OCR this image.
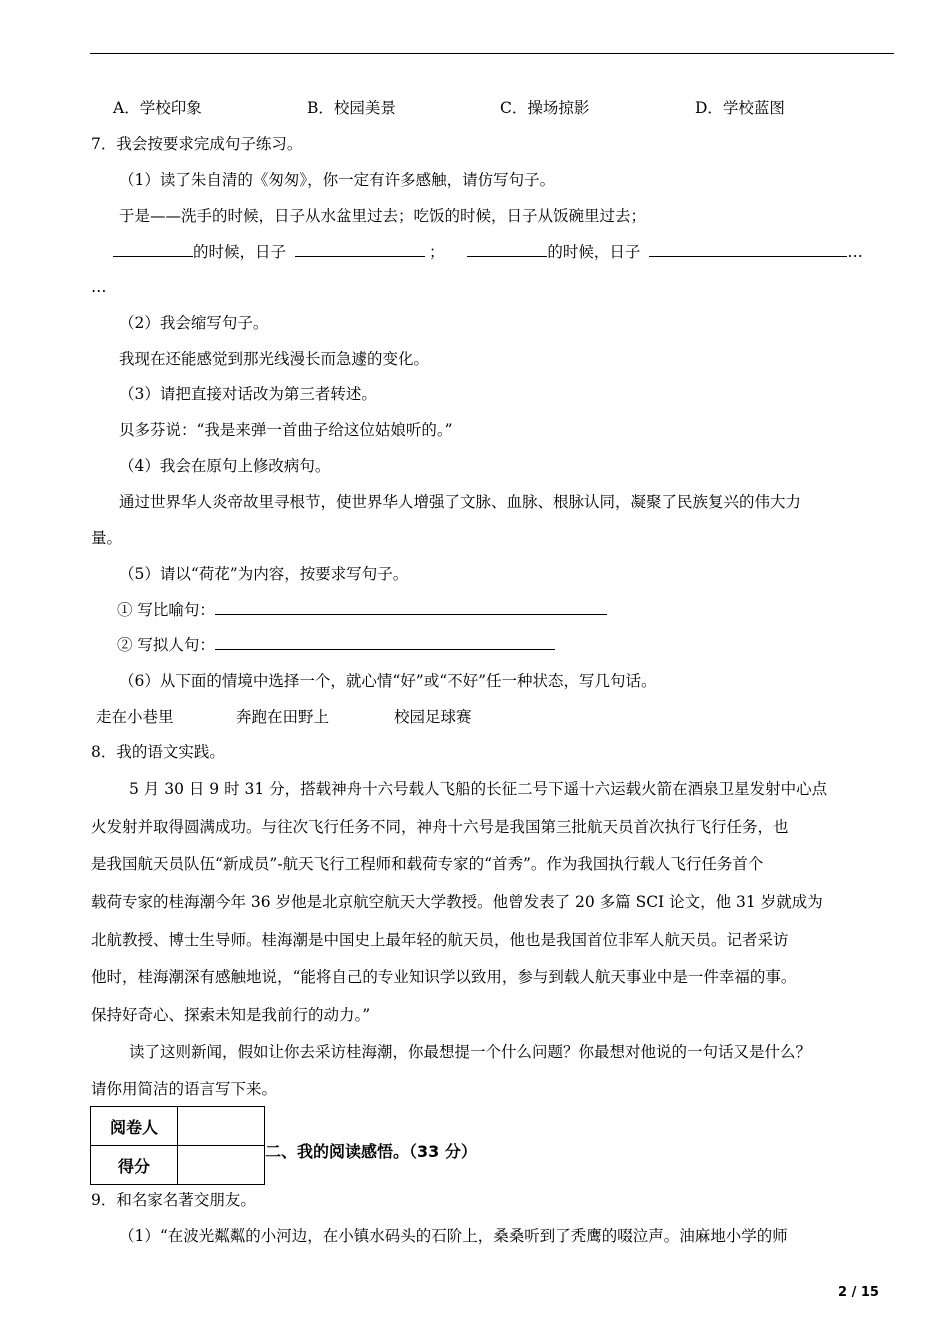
A．学校印象	B．校园美景	C．操场掠影	D．学校蓝图
7．我会按要求完成句子练习。
（1）读了朱自清的《匆匆》，你一定有许多感触，请仿写句子。
于是——洗手的时候，日子从水盆里过去；吃饭的时候，日子从饭碗里过去；
的时候，日子	；	的时候，日子	…
…
（2）我会缩写句子。
我现在还能感觉到那光线漫长而急遽的变化。
（3）请把直接对话改为第三者转述。
贝多芬说：“我是来弹一首曲子给这位姑娘听的。”
（4）我会在原句上修改病句。
通过世界华人炎帝故里寻根节，使世界华人增强了文脉、血脉、根脉认同，凝聚了民族复兴的伟大力
量。
（5）请以“荷花”为内容，按要求写句子。
① 写比喻句：
② 写拟人句：
（6）从下面的情境中选择一个，就心情“好”或“不好”任一种状态，写几句话。
走在小巷里	奔跑在田野上	校园足球赛
8．我的语文实践。
5 月 30 日 9 时 31 分，搭载神舟十六号载人飞船的长征二号下遥十六运载火箭在酒泉卫星发射中心点
火发射并取得圆满成功。与往次飞行任务不同，神舟十六号是我国第三批航天员首次执行飞行任务，也
是我国航天员队伍“新成员”-航天飞行工程师和载荷专家的“首秀”。作为我国执行载人飞行任务首个
载荷专家的桂海潮今年 36 岁他是北京航空航天大学教授。他曾发表了 20 多篇 SCI 论文，他 31 岁就成为
北航教授、博士生导师。桂海潮是中国史上最年轻的航天员，他也是我国首位非军人航天员。记者采访
他时，桂海潮深有感触地说，“能将自己的专业知识学以致用，参与到载人航天事业中是一件幸福的事。
保持好奇心、探索未知是我前行的动力。”
读了这则新闻，假如让你去采访桂海潮，你最想提一个什么问题？你最想对他说的一句话又是什么？
请你用简洁的语言写下来。
阅卷人	
得分	
二、我的阅读感悟。（33 分）
9．和名家名著交朋友。
（1）“在波光粼粼的小河边，在小镇水码头的石阶上，桑桑听到了秃鹰的啜泣声。油麻地小学的师
2 / 15
